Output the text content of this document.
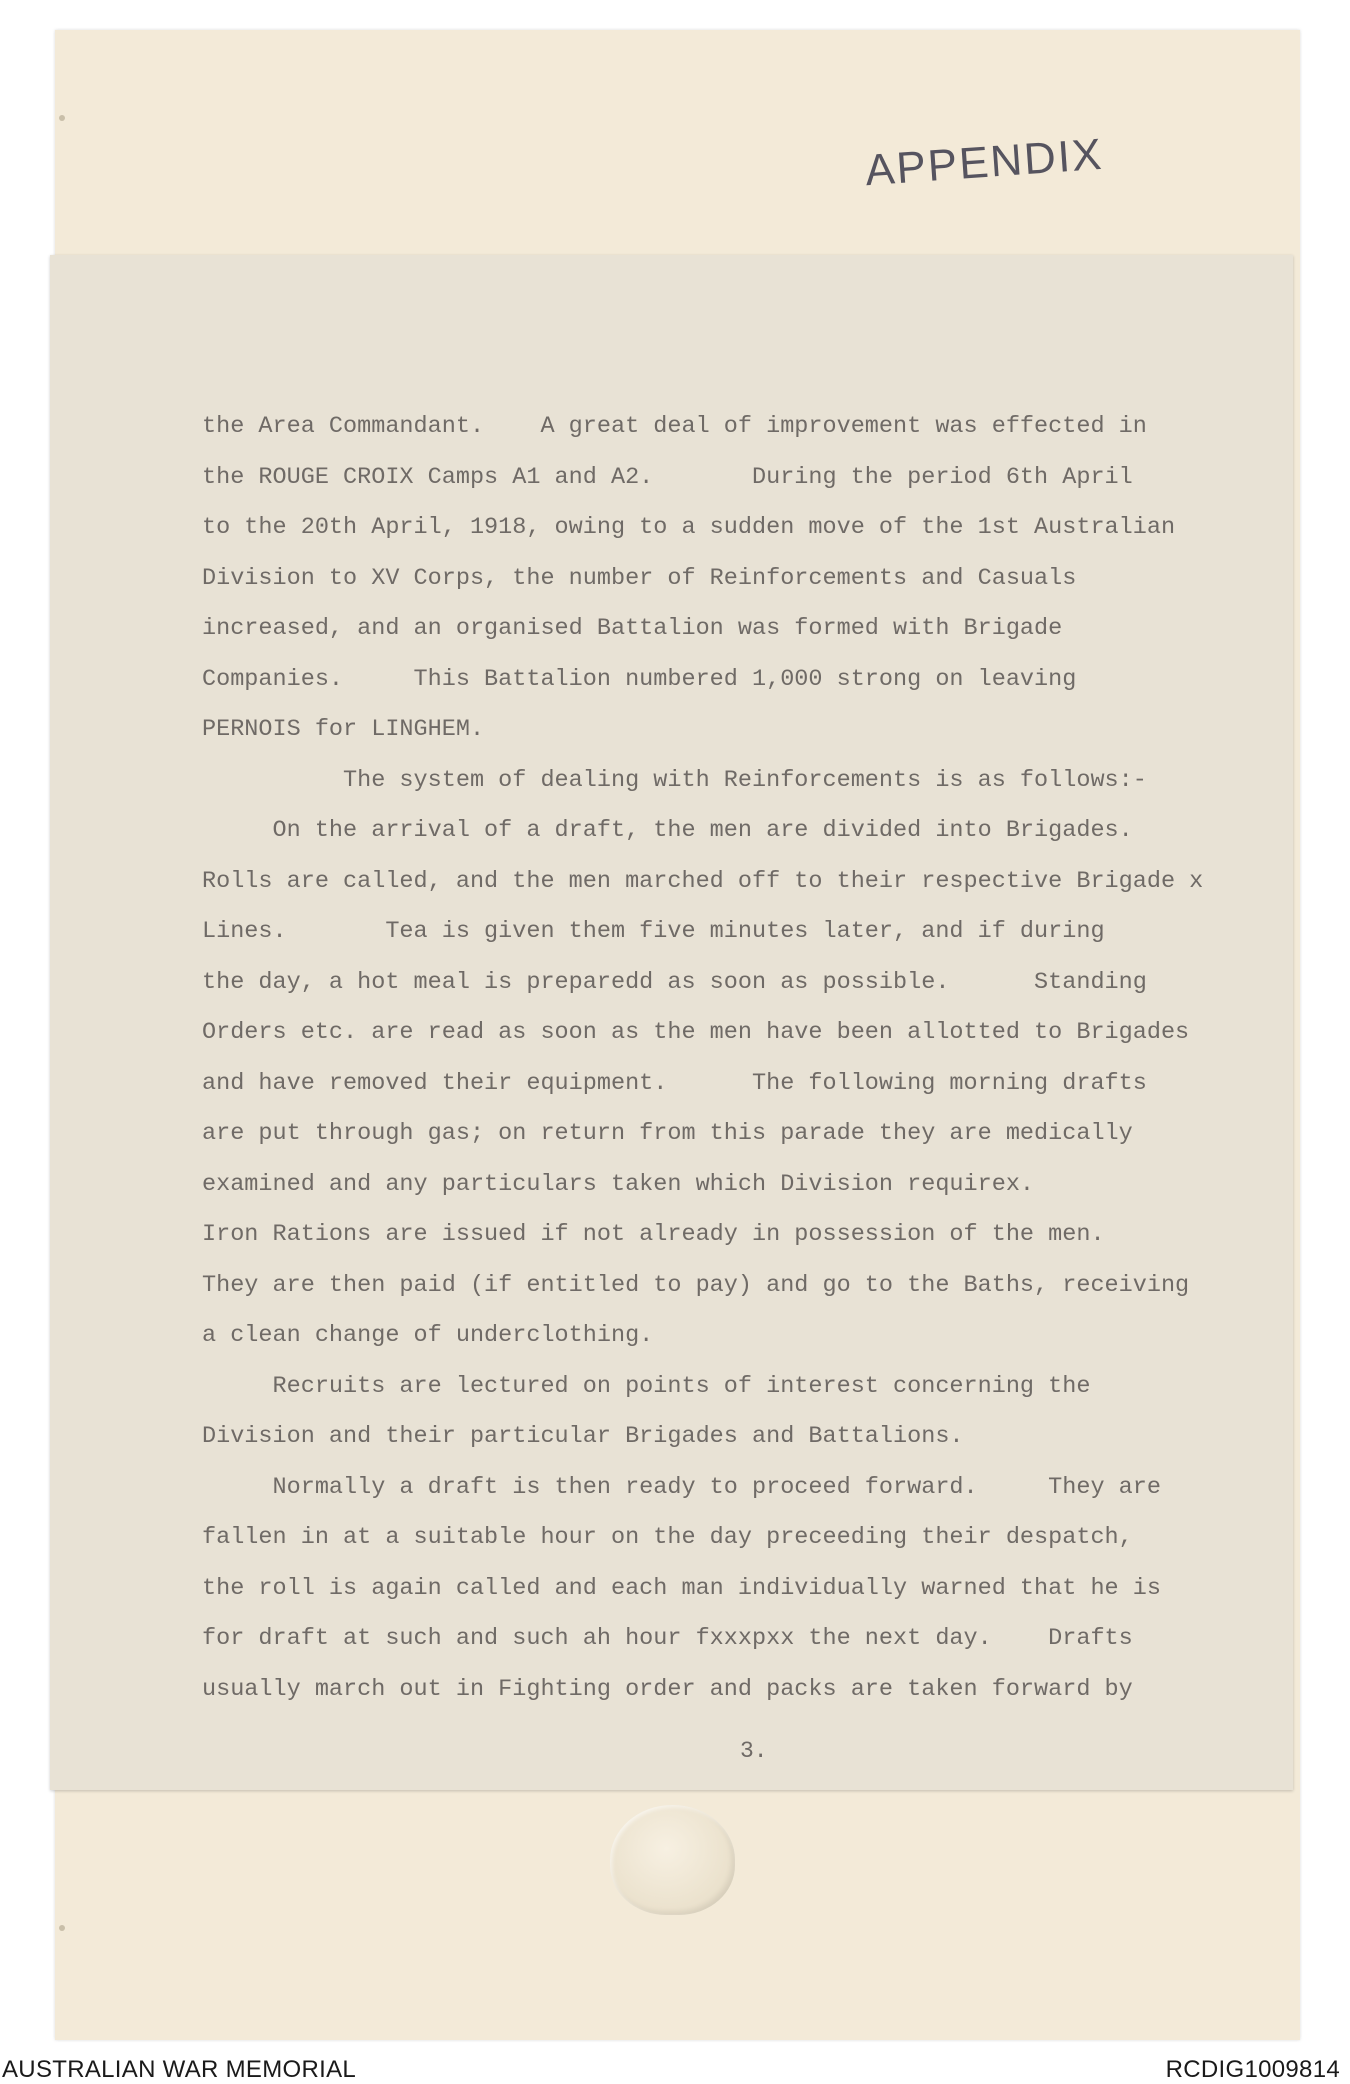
APPENDIX
the Area Commandant.    A great deal of improvement was effected in
the ROUGE CROIX Camps A1 and A2.       During the period 6th April
to the 20th April, 1918, owing to a sudden move of the 1st Australian
Division to XV Corps, the number of Reinforcements and Casuals
increased, and an organised Battalion was formed with Brigade
Companies.     This Battalion numbered 1,000 strong on leaving
PERNOIS for LINGHEM.
The system of dealing with Reinforcements is as follows:-
On the arrival of a draft, the men are divided into Brigades.
Rolls are called, and the men marched off to their respective Brigade x
Lines.       Tea is given them five minutes later, and if during
the day, a hot meal is preparedd as soon as possible.      Standing
Orders etc. are read as soon as the men have been allotted to Brigades
and have removed their equipment.      The following morning drafts
are put through gas; on return from this parade they are medically
examined and any particulars taken which Division requirex.
Iron Rations are issued if not already in possession of the men.
They are then paid (if entitled to pay) and go to the Baths, receiving
a clean change of underclothing.
Recruits are lectured on points of interest concerning the
Division and their particular Brigades and Battalions.
Normally a draft is then ready to proceed forward.     They are
fallen in at a suitable hour on the day preceeding their despatch,
the roll is again called and each man individually warned that he is
for draft at such and such ah hour fxxxpxx the next day.    Drafts
usually march out in Fighting order and packs are taken forward by
3.
AUSTRALIAN WAR MEMORIAL	RCDIG1009814
